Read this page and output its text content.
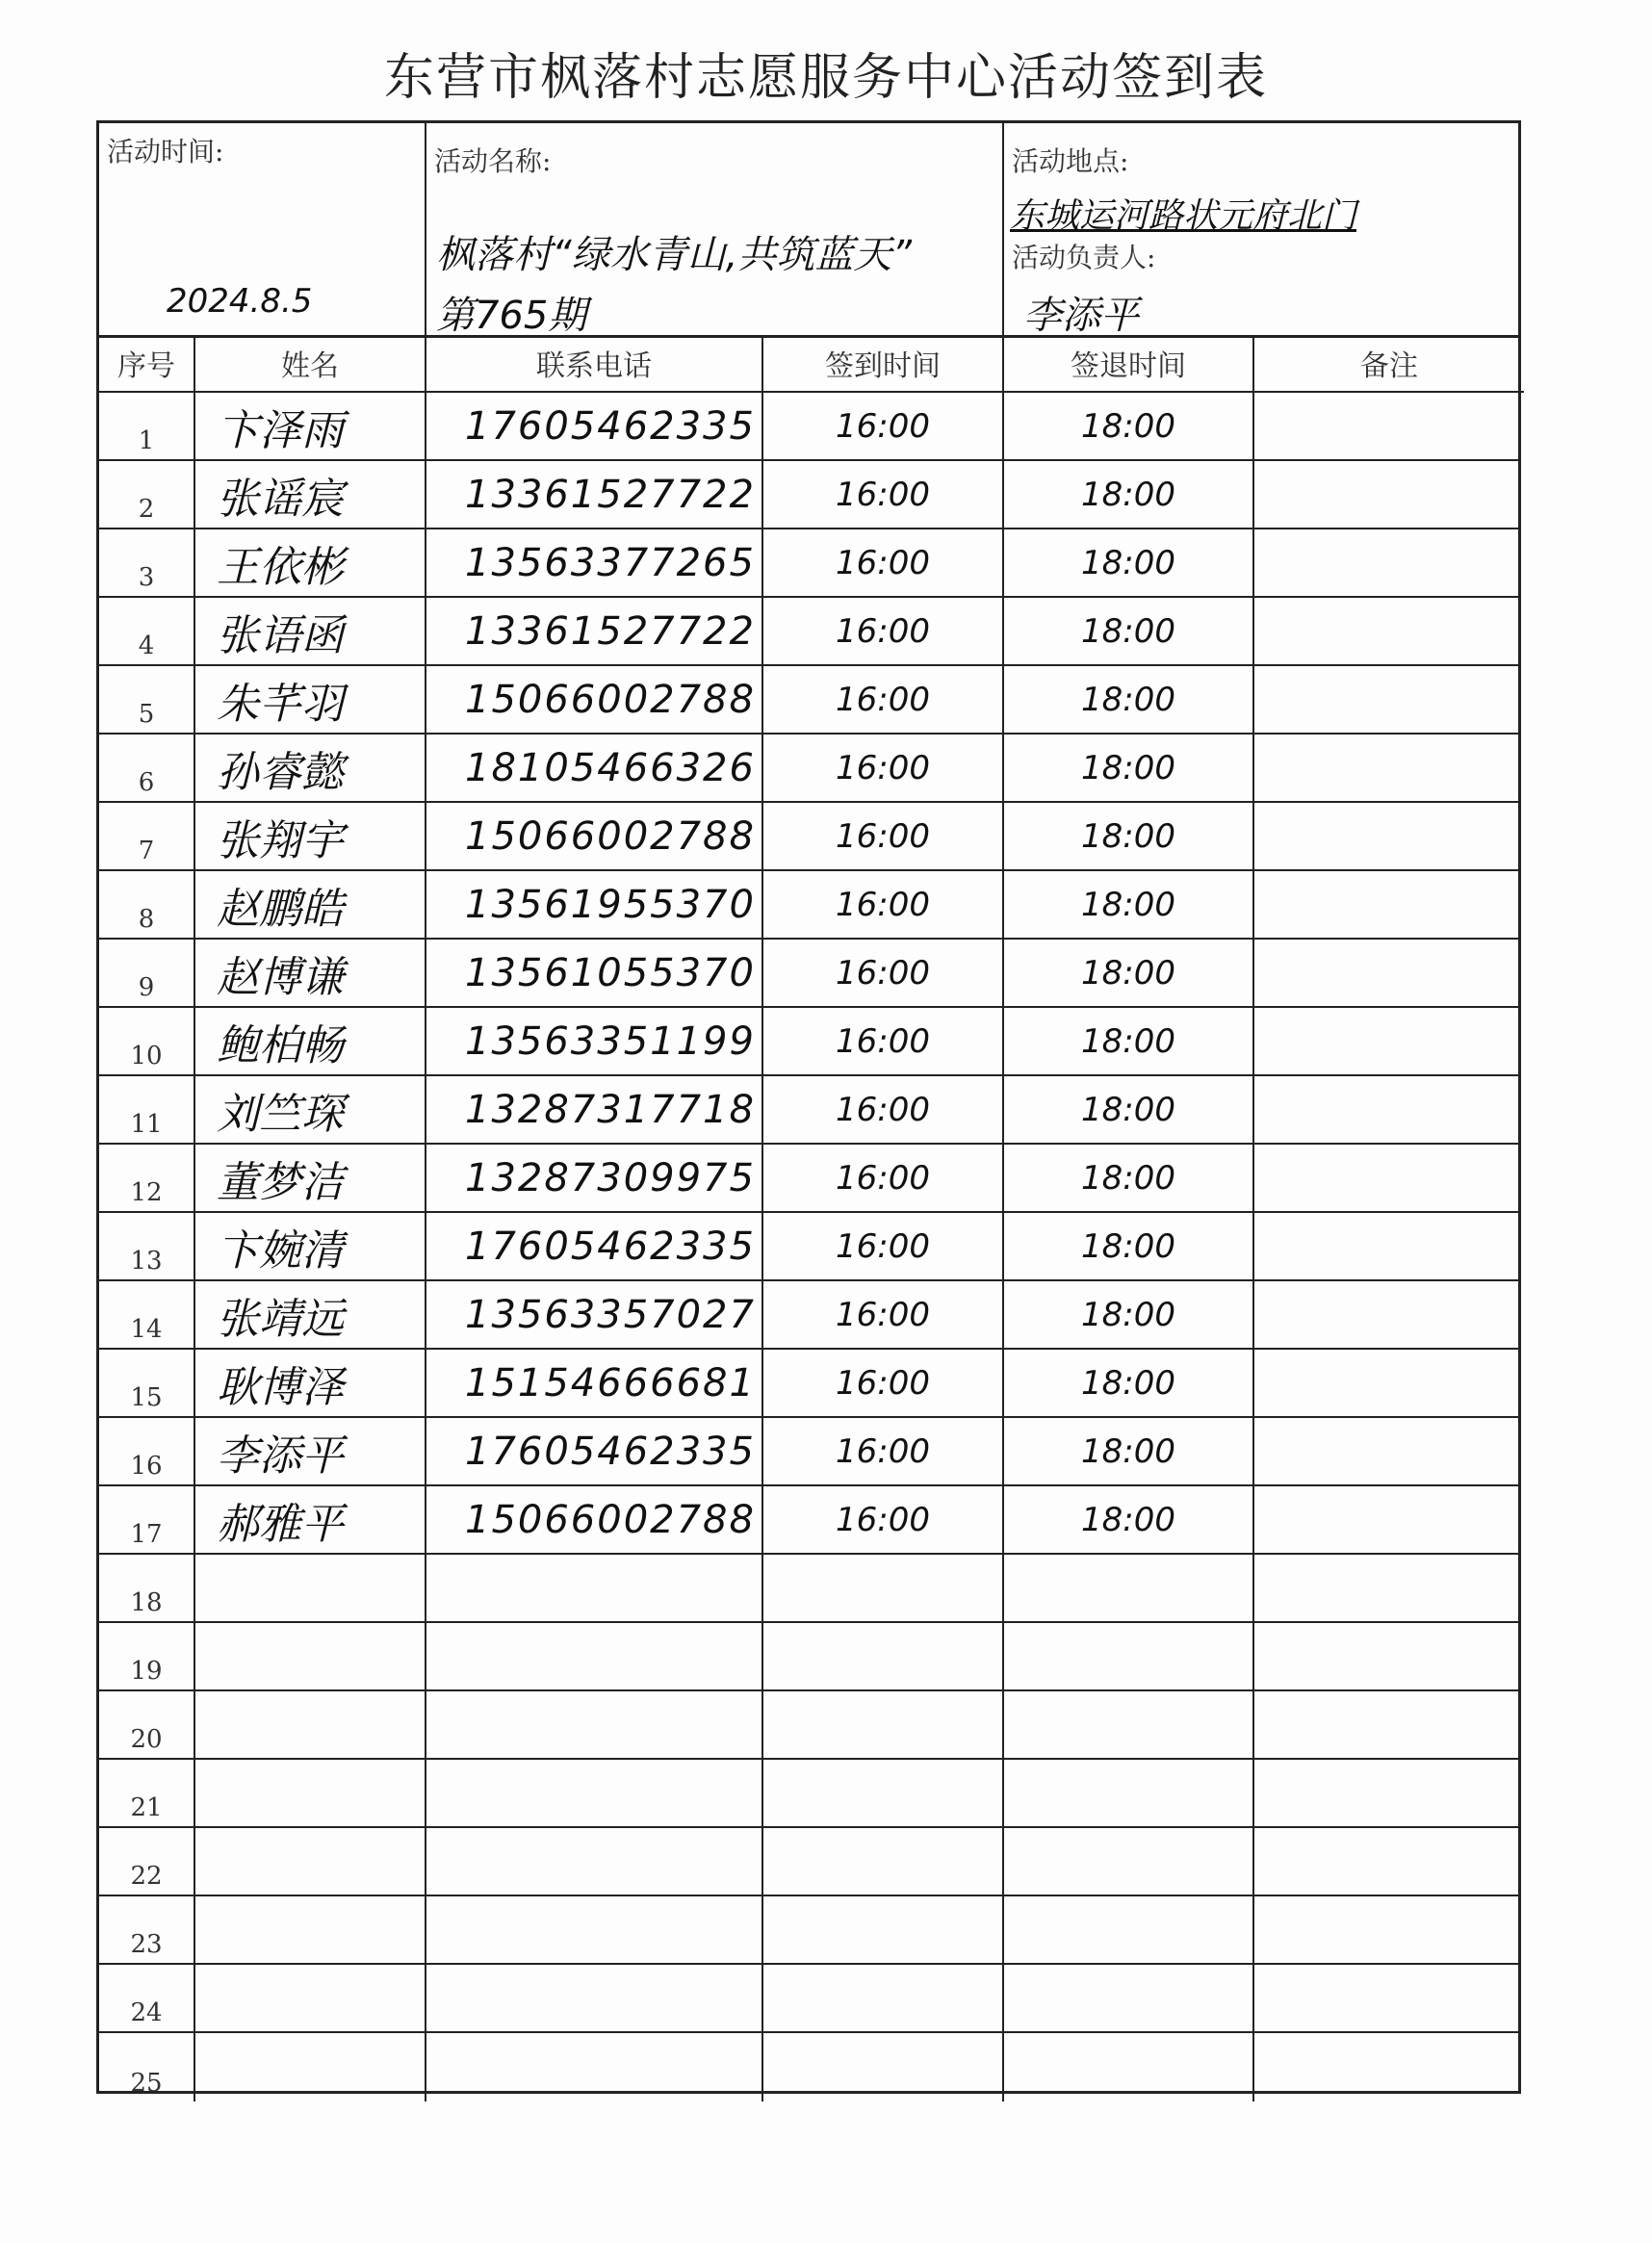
东营市枫落村志愿服务中心活动签到表
活动时间:
2024.8.5
活动名称:
枫落村“绿水青山,共筑蓝天”
第765期
活动地点:
东城运河路状元府北门
活动负责人:
李添平
序号	姓名	联系电话	签到时间	签退时间	备注
1	卞泽雨	17605462335	16:00	18:00
2	张谣宸	13361527722	16:00	18:00
3	王依彬	13563377265	16:00	18:00
4	张语函	13361527722	16:00	18:00
5	朱芊羽	15066002788	16:00	18:00
6	孙睿懿	18105466326	16:00	18:00
7	张翔宇	15066002788	16:00	18:00
8	赵鹏皓	13561955370	16:00	18:00
9	赵博谦	13561055370	16:00	18:00
10	鲍柏畅	13563351199	16:00	18:00
11	刘竺琛	13287317718	16:00	18:00
12	董梦洁	13287309975	16:00	18:00
13	卞婉清	17605462335	16:00	18:00
14	张靖远	13563357027	16:00	18:00
15	耿博泽	15154666681	16:00	18:00
16	李添平	17605462335	16:00	18:00
17	郝雅平	15066002788	16:00	18:00
18
19
20
21
22
23
24
25
